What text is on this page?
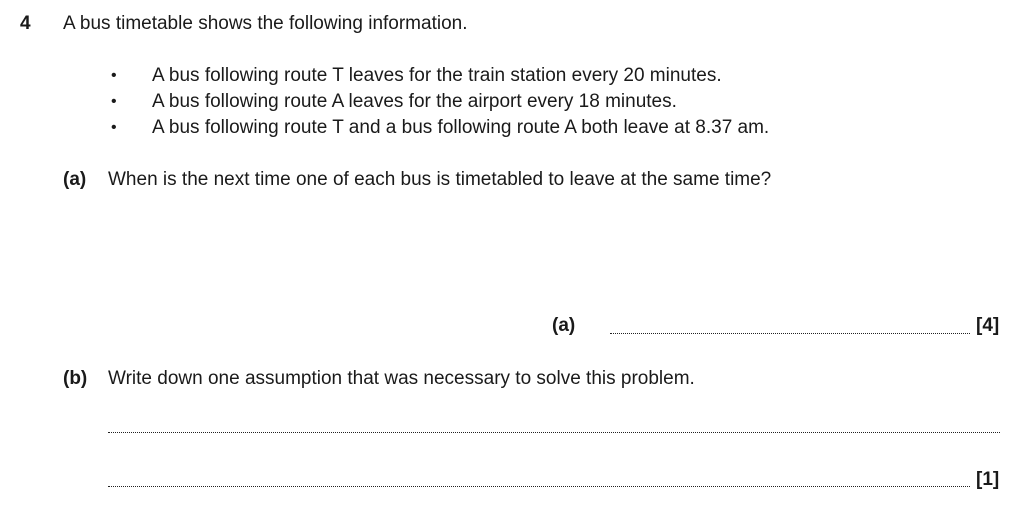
4 A bus timetable shows the following information.
• A bus following route T leaves for the train station every 20 minutes.
• A bus following route A leaves for the airport every 18 minutes.
• A bus following route T and a bus following route A both leave at 8.37 am.
(a) When is the next time one of each bus is timetabled to leave at the same time?
(a)	[4]
(b) Write down one assumption that was necessary to solve this problem.
[1]
